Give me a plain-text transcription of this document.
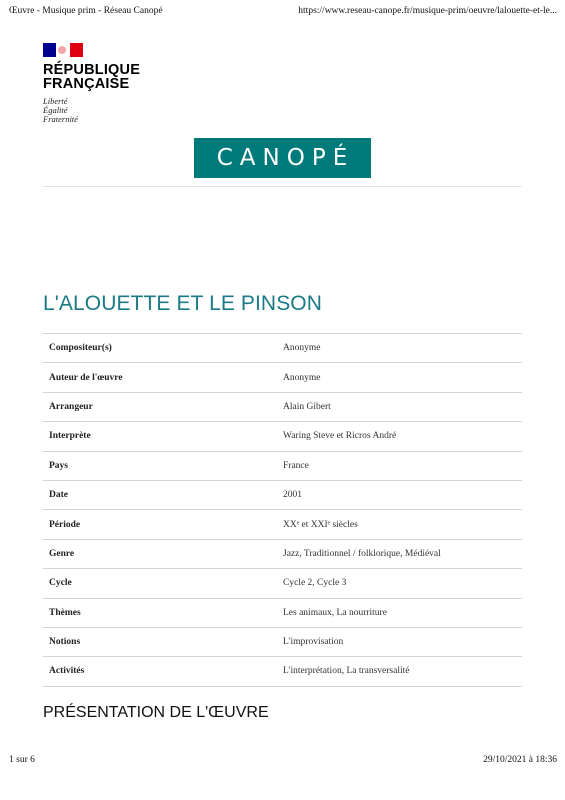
Œuvre - Musique prim - Réseau Canopé	https://www.reseau-canope.fr/musique-prim/oeuvre/lalouette-et-le...
RÉPUBLIQUE
FRANÇAISE
Liberté
Égalité
Fraternité
CANOPÉ
L'ALOUETTE ET LE PINSON
Compositeur(s)	Anonyme
Auteur de l'œuvre	Anonyme
Arrangeur	Alain Gibert
Interprète	Waring Steve et Ricros André
Pays	France
Date	2001
Période	XXᵉ et XXIᵉ siècles
Genre	Jazz, Traditionnel / folklorique, Médiéval
Cycle	Cycle 2, Cycle 3
Thèmes	Les animaux, La nourriture
Notions	L'improvisation
Activités	L'interprétation, La transversalité
PRÉSENTATION DE L'ŒUVRE
1 sur 6	29/10/2021 à 18:36
